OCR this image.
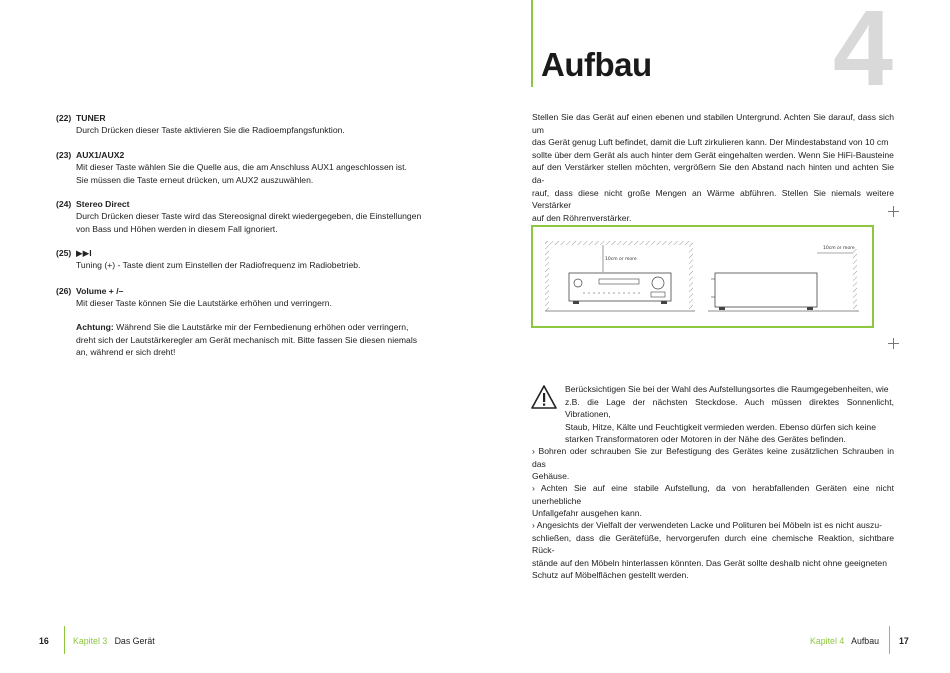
(22) TUNER
Durch Drücken dieser Taste aktivieren Sie die Radioempfangsfunktion.
(23) AUX1/AUX2
Mit dieser Taste wählen Sie die Quelle aus, die am Anschluss AUX1 angeschlossen ist.
Sie müssen die Taste erneut drücken, um AUX2 auszuwählen.
(24) Stereo Direct
Durch Drücken dieser Taste wird das Stereosignal direkt wiedergegeben, die Einstellungen
von Bass und Höhen werden in diesem Fall ignoriert.
(25) ▶▶I
Tuning (+) - Taste dient zum Einstellen der Radiofrequenz im Radiobetrieb.
(26) Volume + /–
Mit dieser Taste können Sie die Lautstärke erhöhen und verringern.
Achtung: Während Sie die Lautstärke mir der Fernbedienung erhöhen oder verringern,
dreht sich der Lautstärkeregler am Gerät mechanisch mit. Bitte fassen Sie diesen niemals
an, während er sich dreht!
16	Kapitel 3 Das Gerät
Aufbau 4
Stellen Sie das Gerät auf einen ebenen und stabilen Untergrund. Achten Sie darauf, dass sich um
das Gerät genug Luft befindet, damit die Luft zirkulieren kann. Der Mindestabstand von 10 cm
sollte über dem Gerät als auch hinter dem Gerät eingehalten werden. Wenn Sie HiFi-Bausteine
auf den Verstärker stellen möchten, vergrößern Sie den Abstand nach hinten und achten Sie da-
rauf, dass diese nicht große Mengen an Wärme abführen. Stellen Sie niemals weitere Verstärker
auf den Röhrenverstärker.
10cm or more
10cm or more
Berücksichtigen Sie bei der Wahl des Aufstellungsortes die Raumgegebenheiten, wie
z.B. die Lage der nächsten Steckdose. Auch müssen direktes Sonnenlicht, Vibrationen,
Staub, Hitze, Kälte und Feuchtigkeit vermieden werden. Ebenso dürfen sich keine
starken Transformatoren oder Motoren in der Nähe des Gerätes befinden.
› Bohren oder schrauben Sie zur Befestigung des Gerätes keine zusätzlichen Schrauben in das
Gehäuse.
› Achten Sie auf eine stabile Aufstellung, da von herabfallenden Geräten eine nicht unerhebliche
Unfallgefahr ausgehen kann.
› Angesichts der Vielfalt der verwendeten Lacke und Polituren bei Möbeln ist es nicht auszu-
schließen, dass die Gerätefüße, hervorgerufen durch eine chemische Reaktion, sichtbare Rück-
stände auf den Möbeln hinterlassen könnten. Das Gerät sollte deshalb nicht ohne geeigneten
Schutz auf Möbelflächen gestellt werden.
Kapitel 4 Aufbau 17
